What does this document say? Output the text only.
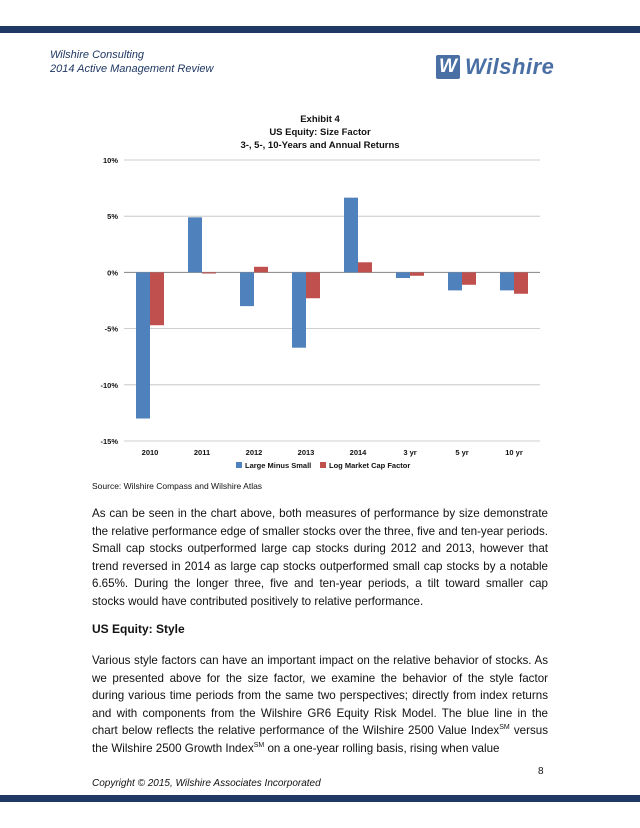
Wilshire Consulting
2014 Active Management Review	W Wilshire
Exhibit 4
US Equity: Size Factor
3-, 5-, 10-Years and Annual Returns
10%
5%
0%
-5%
-10%
-15%
2010	2011	2012	2013	2014	3 yr	5 yr	10 yr
Large Minus Small Log Market Cap Factor
Source: Wilshire Compass and Wilshire Atlas

As can be seen in the chart above, both measures of performance by size demonstrate the relative performance edge of smaller stocks over the three, five and ten-year periods. Small cap stocks outperformed large cap stocks during 2012 and 2013, however that trend reversed in 2014 as large cap stocks outperformed small cap stocks by a notable 6.65%. During the longer three, five and ten-year periods, a tilt toward smaller cap stocks would have contributed positively to relative performance.

US Equity: Style

Various style factors can have an important impact on the relative behavior of stocks. As we presented above for the size factor, we examine the behavior of the style factor during various time periods from the same two perspectives; directly from index returns and with components from the Wilshire GR6 Equity Risk Model. The blue line in the chart below reflects the relative performance of the Wilshire 2500 Value Index℠ versus the Wilshire 2500 Growth Index℠ on a one-year rolling basis, rising when value

8
Copyright © 2015, Wilshire Associates Incorporated
